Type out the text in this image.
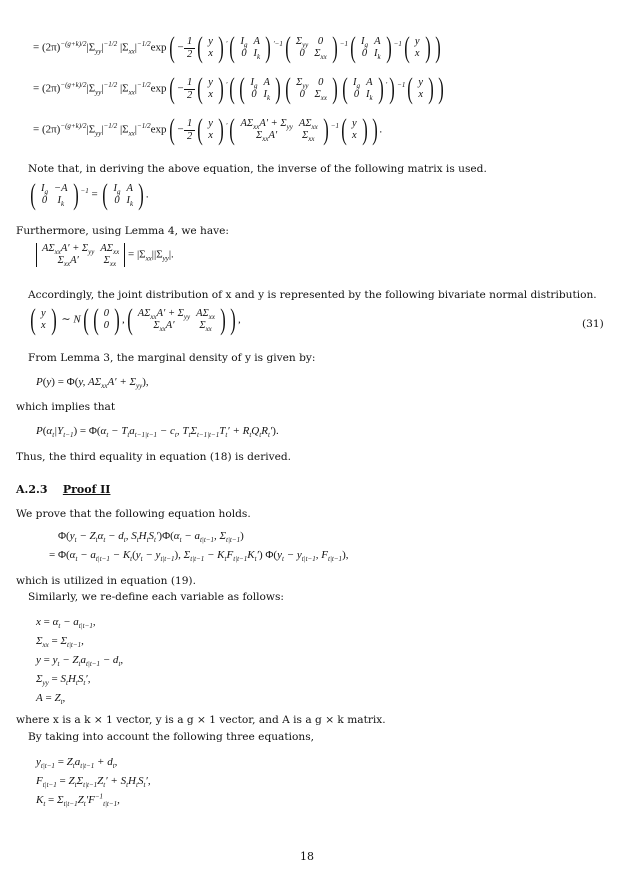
= $(2\pi)^{-(g+k)/2}|\Sigma_{yy}|^{-1/2}$ $|\Sigma_{xx}|^{-1/2}\exp( -1$
2 ( y
x ) ′( $I_g$	A
0	$I_k$ ) $^{'-1}$( $\Sigma_{yy}$	0
0	$\Sigma_{xx}$ ) $^{-1}$( $I_g$	A
0	$I_k$ ) $^{-1}$( y
x ) )
= $(2\pi)^{-(g+k)/2}|\Sigma_{yy}|^{-1/2}$ $|\Sigma_{xx}|^{-1/2}\exp( -1$
2 ( y
x ) ′( ( $I_g$	A
0	$I_k$ ) ( $\Sigma_{yy}$	0
0	$\Sigma_{xx}$ ) ( $I_g$	A
0	$I_k$ ) ′) $^{-1}$( y
x ) )
= $(2\pi)^{-(g+k)/2}|\Sigma_{yy}|^{-1/2}$ $|\Sigma_{xx}|^{-1/2}\exp( -1$
2 ( y
x ) ′( $A\Sigma_{xx}A' + \Sigma_{yy}$	$A\Sigma_{xx}$
$\Sigma_{xx}A'$	$\Sigma_{xx}$ ) $^{-1}$( y
x ) ) .
Note that, in deriving the above equation, the inverse of the following matrix is used.
( $I_g$	−A
0	$I_k$ ) $^{-1}$ = ( $I_g$	A
0	$I_k$ ) .
Furthermore, using Lemma 4, we have:
$A\Sigma_{xx}A' + \Sigma_{yy}$	$A\Sigma_{xx}$
$\Sigma_{xx}A'$	$\Sigma_{xx} = |\Sigma_{xx}||\Sigma_{yy}|$.
Accordingly, the joint distribution of x and y is represented by the following bivariate normal distribution.
( y
x ) ∼ N( ( 0
0 ) ,( $A\Sigma_{xx}A' + \Sigma_{yy}$	$A\Sigma_{xx}$
$\Sigma_{xx}A'$	$\Sigma_{xx}$ ) ) ,	(31)
From Lemma 3, the marginal density of y is given by:
P(y) = Φ(y, $A\Sigma_{xx}A' + \Sigma_{yy}$),
which implies that
$P(\alpha_t|Y_{t-1}) = \Phi(\alpha_t - T_ta_{t-1|t-1} - c_t$, $T_t\Sigma_{t-1|t-1}T_t' + R_tQ_tR_t'$).
Thus, the third equality in equation (18) is derived.
A.2.3 Proof II
We prove that the following equation holds.
$\Phi(y_t - Z_t\alpha_t - d_t$, $S_tH_tS_t')\Phi(\alpha_t - a_{t|t-1}$, $\Sigma_{t|t-1}$)
= $\Phi(\alpha_t - a_{t|t-1} - K_t(y_t - y_{t|t-1})$, $\Sigma_{t|t-1} - K_tF_{t|t-1}K_t'$) $\Phi(y_t - y_{t|t-1}$, $F_{t|t-1}$),
which is utilized in equation (19).
Similarly, we re-define each variable as follows:
$x = \alpha_t - a_{t|t-1}$,
$\Sigma_{xx} = \Sigma_{t|t-1}$,
$y = y_t - Z_ta_{t|t-1} - d_t$,
$\Sigma_{yy} = S_tH_tS_t'$,
$A = Z_t$,
where x is a k × 1 vector, y is a g × 1 vector, and A is a g × k matrix.
By taking into account the following three equations,
$y_{t|t-1} = Z_ta_{t|t-1} + d_t$,
$F_{t|t-1} = Z_t\Sigma_{t|t-1}Z_t' + S_tH_tS_t'$,
$K_t = \Sigma_{t|t-1}Z_t'F^{-1}_{t|t-1}$,
18
